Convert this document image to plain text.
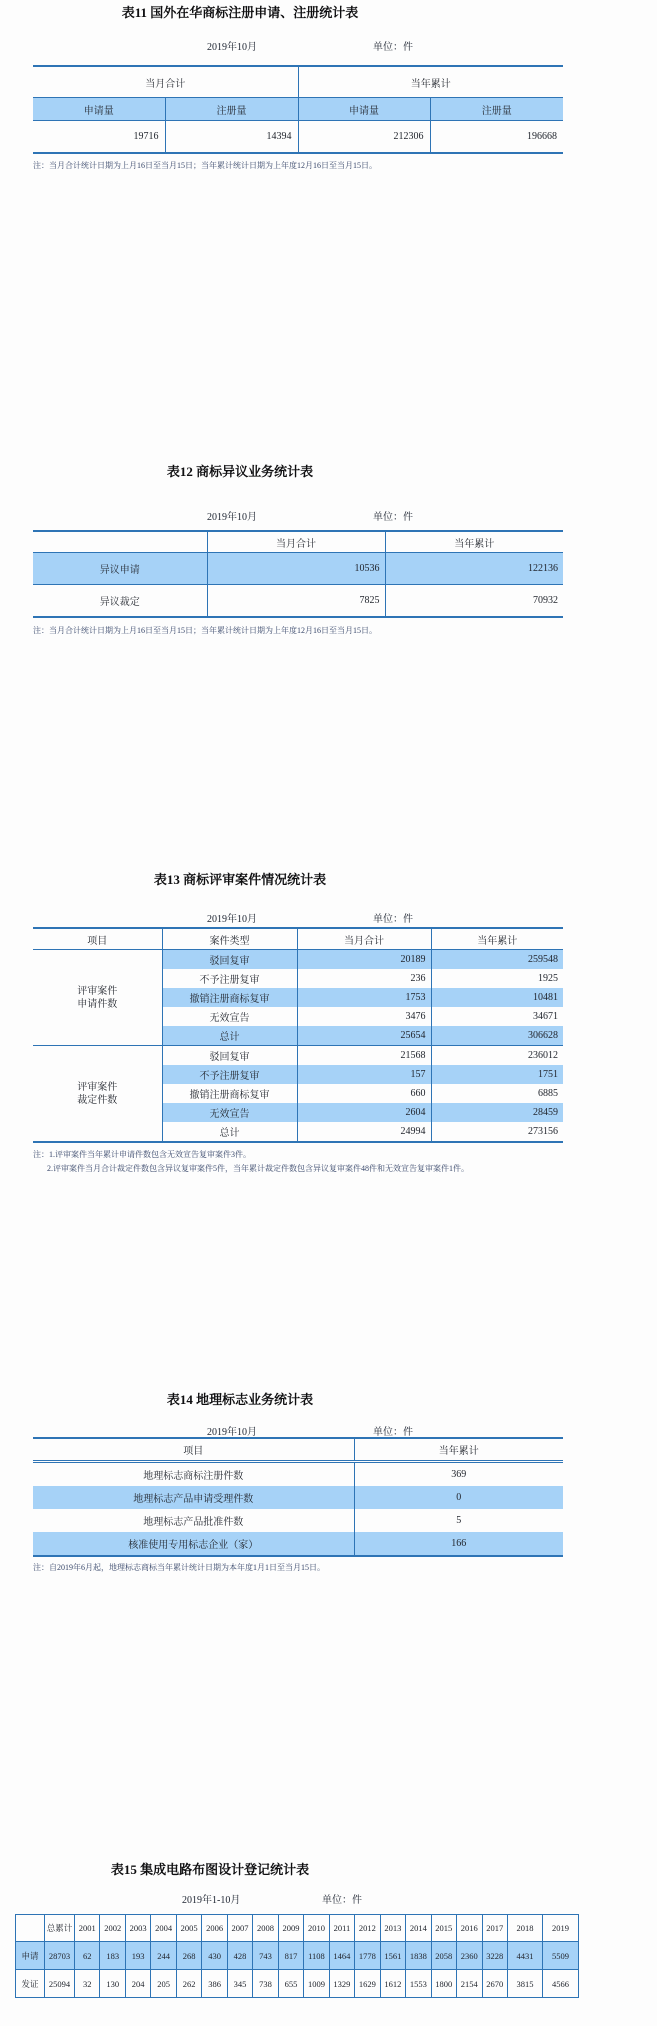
表11 国外在华商标注册申请、注册统计表
2019年10月	单位：件
当月合计		当年累计	
申请量	注册量	申请量	注册量
19716	14394	212306	196668
注：当月合计统计日期为上月16日至当月15日；当年累计统计日期为上年度12月16日至当月15日。
表12 商标异议业务统计表
2019年10月	单位：件
	当月合计	当年累计
异议申请	10536	122136
异议裁定	7825	70932
注：当月合计统计日期为上月16日至当月15日；当年累计统计日期为上年度12月16日至当月15日。
表13 商标评审案件情况统计表
2019年10月	单位：件
项目	案件类型	当月合计	当年累计

评审案件
申请件数	驳回复审	20189	259548
	不予注册复审	236	1925
	撤销注册商标复审	1753	10481
	无效宣告	3476	34671
	总计	25654	306628

评审案件
裁定件数	驳回复审	21568	236012
	不予注册复审	157	1751
	撤销注册商标复审	660	6885
	无效宣告	2604	28459
	总计	24994	273156
注：1.评审案件当年累计申请件数包含无效宣告复审案件3件。
2.评审案件当月合计裁定件数包含异议复审案件5件，当年累计裁定件数包含异议复审案件48件和无效宣告复审案件1件。
表14 地理标志业务统计表
2019年10月	单位：件
项目	当年累计
地理标志商标注册件数	369
地理标志产品申请受理件数	0
地理标志产品批准件数	5
核准使用专用标志企业（家）	166
注：自2019年6月起，地理标志商标当年累计统计日期为本年度1月1日至当月15日。
表15 集成电路布图设计登记统计表
2019年1-10月	单位：件
	总累计	2001	2002	2003	2004	2005	2006	2007	2008	2009	2010	2011	2012	2013	2014	2015	2016	2017	2018	2019
申请	28703	62	183	193	244	268	430	428	743	817	1108	1464	1778	1561	1838	2058	2360	3228	4431	5509
发证	25094	32	130	204	205	262	386	345	738	655	1009	1329	1629	1612	1553	1800	2154	2670	3815	4566
